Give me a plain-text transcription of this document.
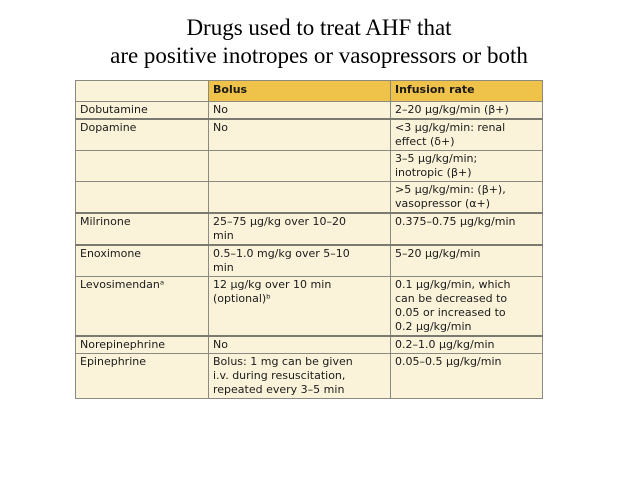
Drugs used to treat AHF that
are positive inotropes or vasopressors or both
	Bolus	Infusion rate

Dobutamine	No	2–20 μg/kg/min (β+)

Dopamine	No	<3 μg/kg/min: renal
effect (δ+)

		3–5 μg/kg/min;
inotropic (β+)

		>5 μg/kg/min: (β+),
vasopressor (α+)

Milrinone	25–75 μg/kg over 10–20
min	0.375–0.75 μg/kg/min

Enoximone	0.5–1.0 mg/kg over 5–10
min	5–20 μg/kg/min

Levosimendanᵃ	12 μg/kg over 10 min
(optional)ᵇ	0.1 μg/kg/min, which
can be decreased to
0.05 or increased to
0.2 μg/kg/min

Norepinephrine	No	0.2–1.0 μg/kg/min

Epinephrine	Bolus: 1 mg can be given
i.v. during resuscitation,
repeated every 3–5 min	0.05–0.5 μg/kg/min
